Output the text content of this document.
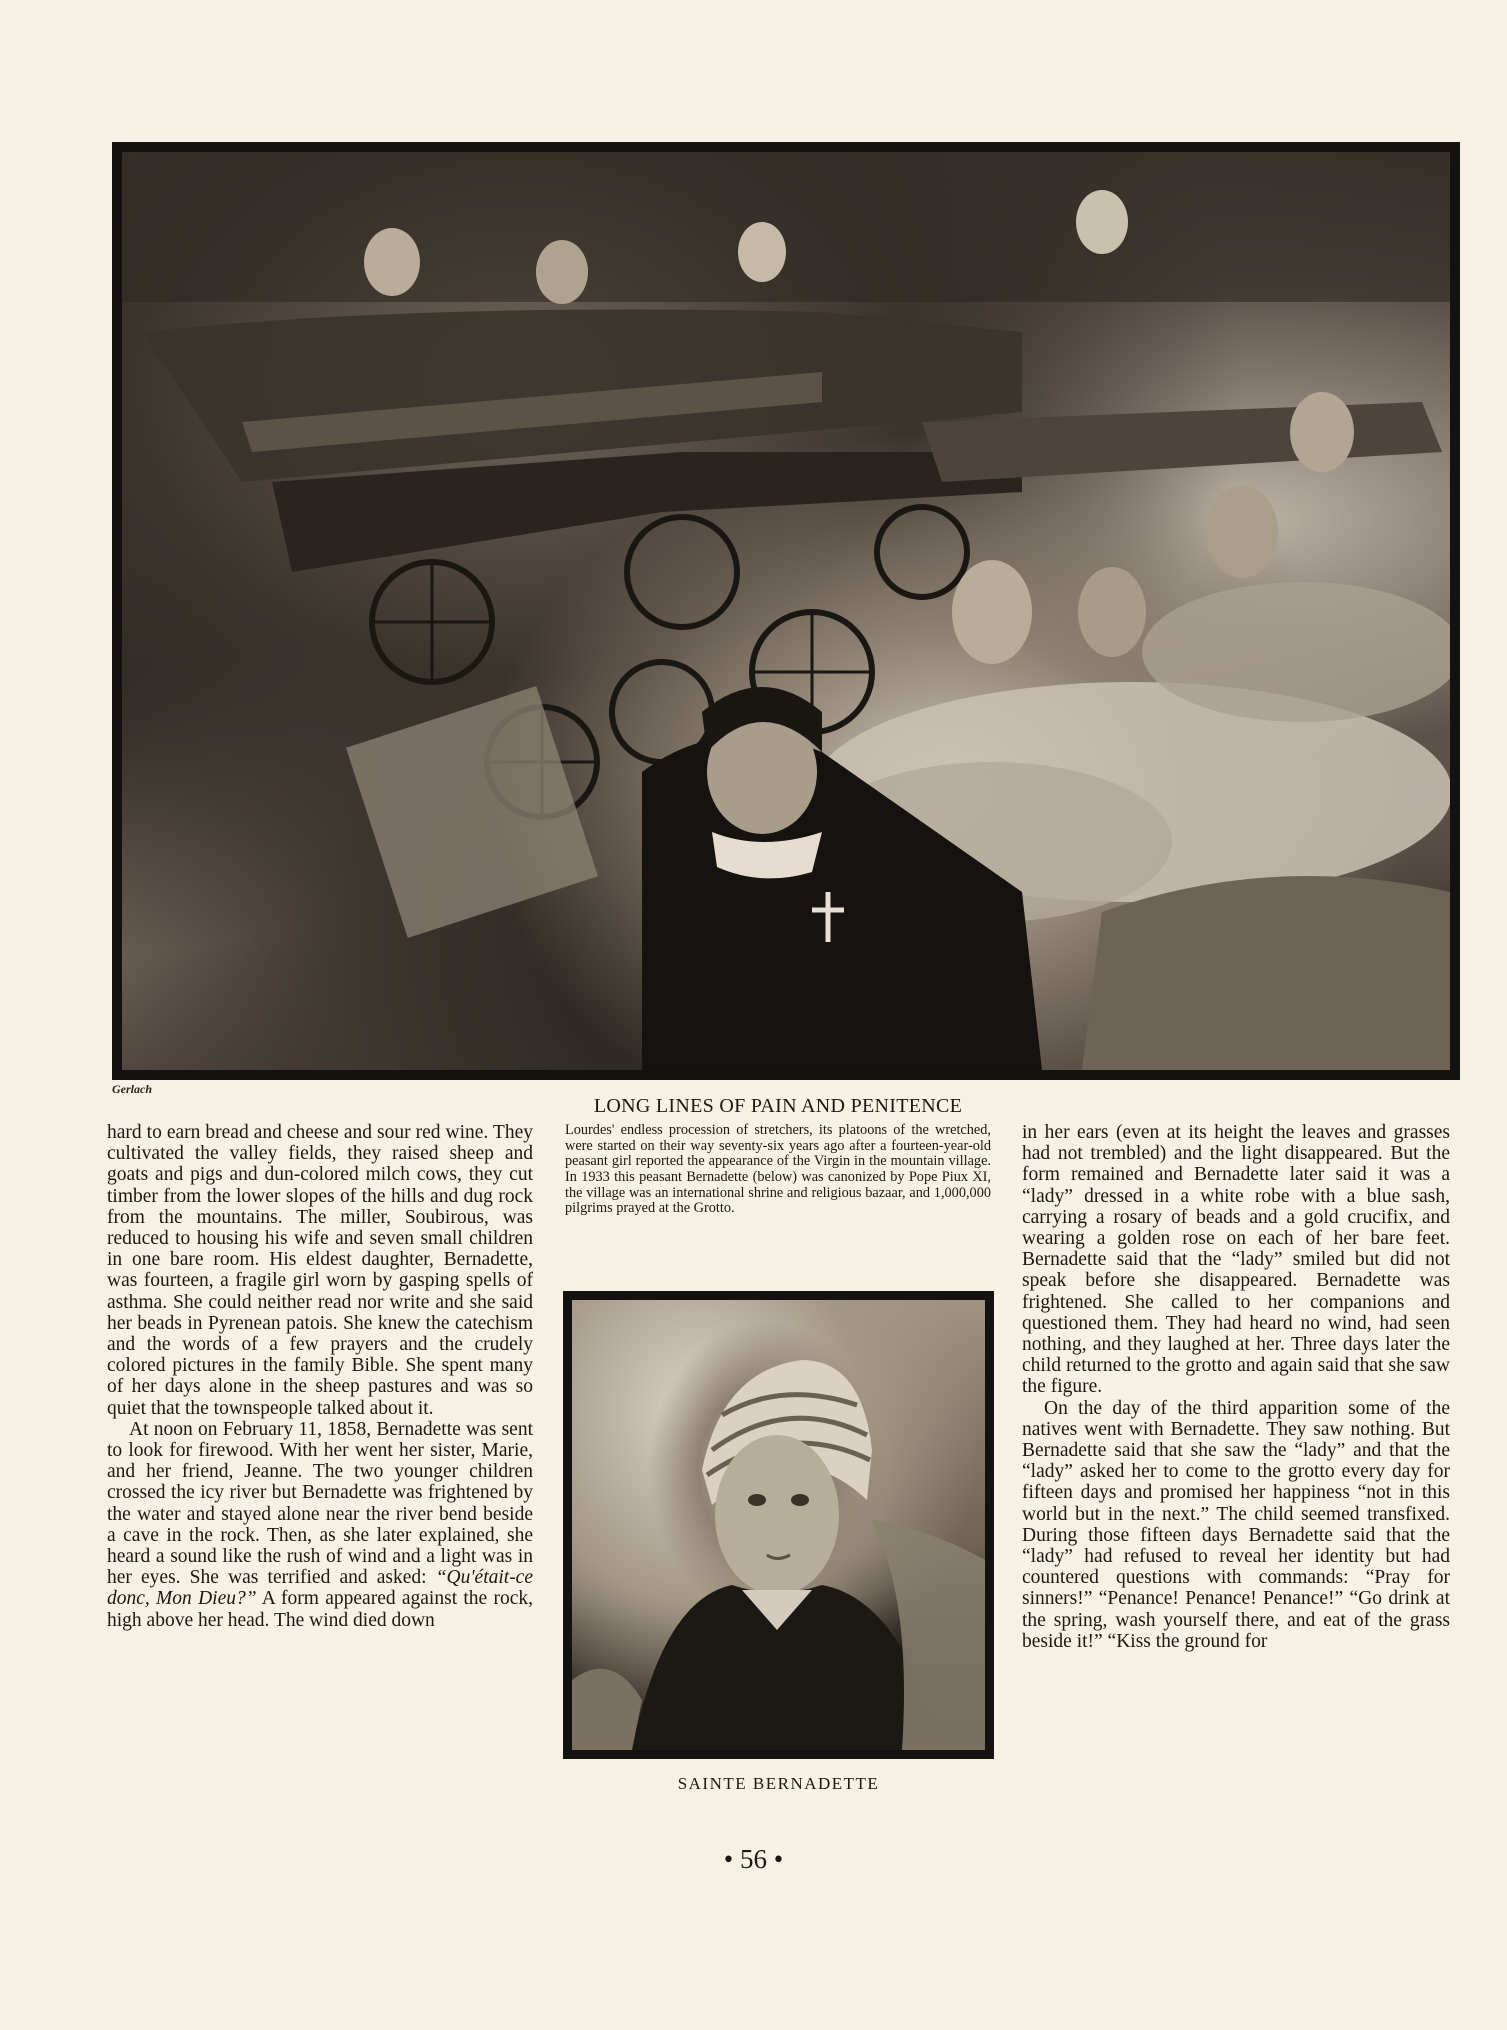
Gerlach

hard to earn bread and cheese and sour red wine. They cultivated the valley fields, they raised sheep and goats and pigs and dun-colored milch cows, they cut timber from the lower slopes of the hills and dug rock from the mountains. The miller, Soubirous, was reduced to housing his wife and seven small children in one bare room. His eldest daughter, Bernadette, was fourteen, a fragile girl worn by gasping spells of asthma. She could neither read nor write and she said her beads in Pyrenean patois. She knew the catechism and the words of a few prayers and the crudely colored pictures in the family Bible. She spent many of her days alone in the sheep pastures and was so quiet that the townspeople talked about it.

At noon on February 11, 1858, Bernadette was sent to look for firewood. With her went her sister, Marie, and her friend, Jeanne. The two younger children crossed the icy river but Bernadette was frightened by the water and stayed alone near the river bend beside a cave in the rock. Then, as she later explained, she heard a sound like the rush of wind and a light was in her eyes. She was terrified and asked: “Qu'était-ce donc, Mon Dieu?” A form appeared against the rock, high above her head. The wind died down

LONG LINES OF PAIN AND PENITENCE

Lourdes' endless procession of stretchers, its platoons of the wretched, were started on their way seventy-six years ago after a fourteen-year-old peasant girl reported the appearance of the Virgin in the mountain village. In 1933 this peasant Bernadette (below) was canonized by Pope Piux XI, the village was an international shrine and religious bazaar, and 1,000,000 pilgrims prayed at the Grotto.

SAINTE BERNADETTE

in her ears (even at its height the leaves and grasses had not trembled) and the light disappeared. But the form remained and Bernadette later said it was a “lady” dressed in a white robe with a blue sash, carrying a rosary of beads and a gold crucifix, and wearing a golden rose on each of her bare feet. Bernadette said that the “lady” smiled but did not speak before she disappeared. Bernadette was frightened. She called to her companions and questioned them. They had heard no wind, had seen nothing, and they laughed at her. Three days later the child returned to the grotto and again said that she saw the figure.

On the day of the third apparition some of the natives went with Bernadette. They saw nothing. But Bernadette said that she saw the “lady” and that the “lady” asked her to come to the grotto every day for fifteen days and promised her happiness “not in this world but in the next.” The child seemed transfixed. During those fifteen days Bernadette said that the “lady” had refused to reveal her identity but had countered questions with commands: “Pray for sinners!” “Penance! Penance! Penance!” “Go drink at the spring, wash yourself there, and eat of the grass beside it!” “Kiss the ground for

• 56 •
